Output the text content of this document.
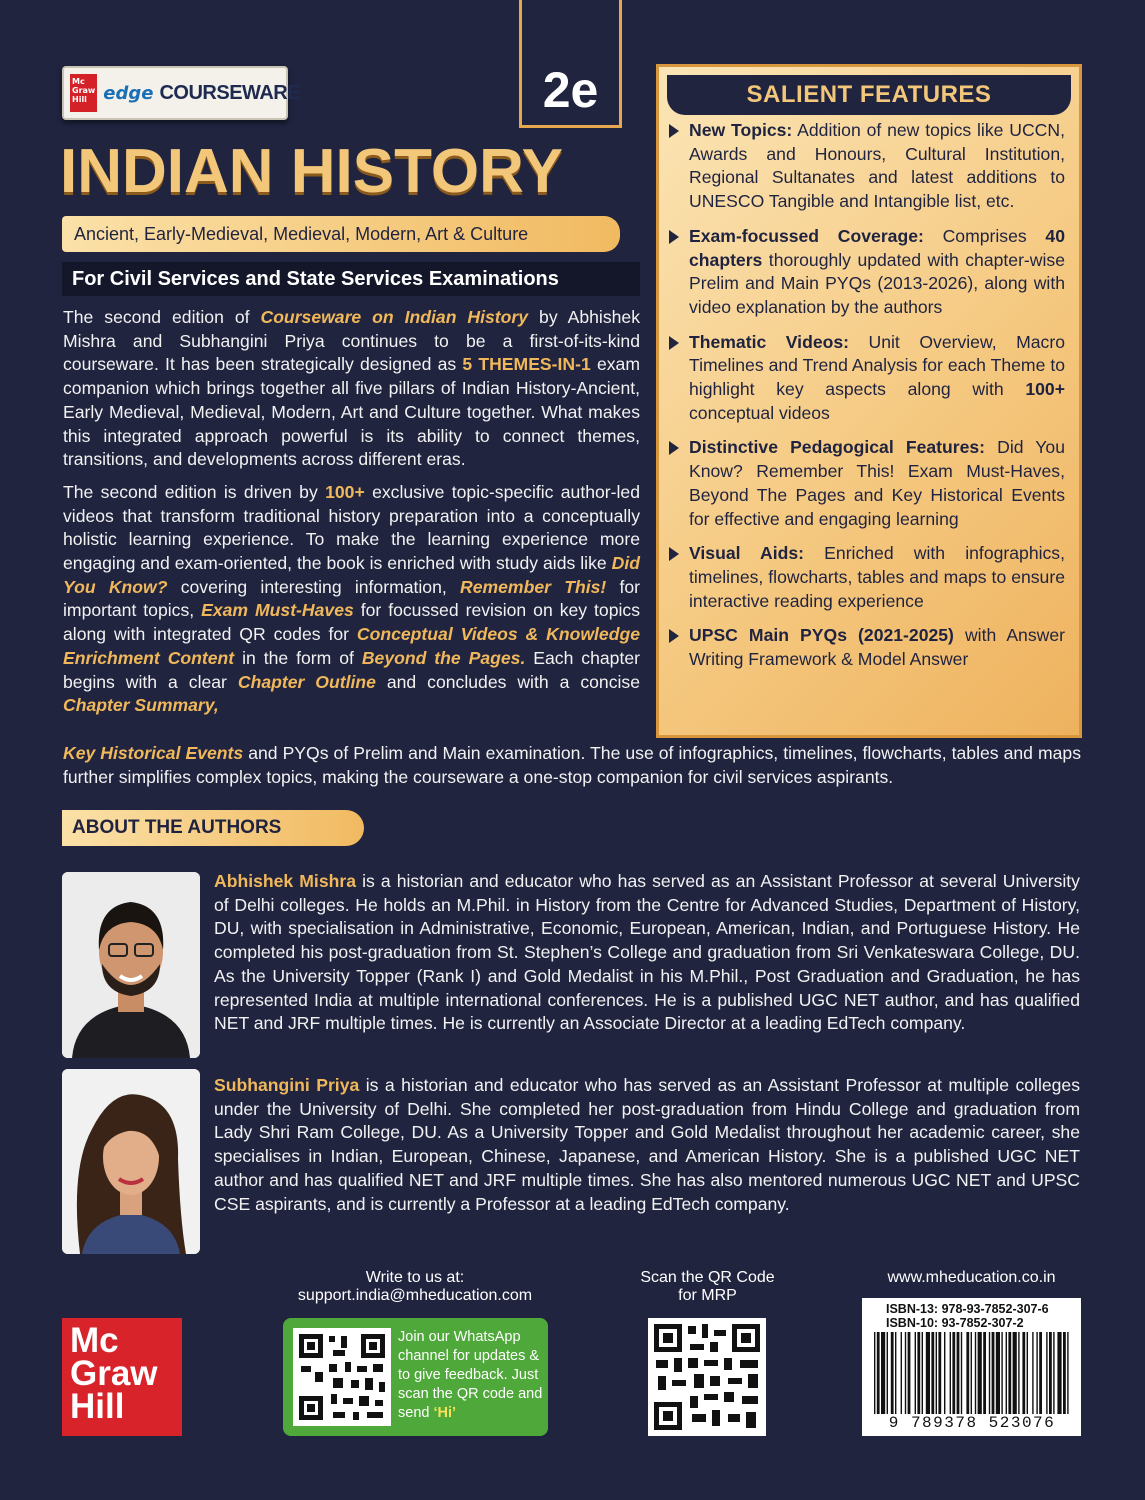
Mc Graw Hill edge COURSEWARE	2e
INDIAN HISTORY
Ancient, Early-Medieval, Medieval, Modern, Art & Culture
For Civil Services and State Services Examinations

The second edition of Courseware on Indian History by Abhishek Mishra and Subhangini Priya continues to be a first-of-its-kind courseware. It has been strategically designed as 5 THEMES-IN-1 exam companion which brings together all five pillars of Indian History-Ancient, Early Medieval, Medieval, Modern, Art and Culture together. What makes this integrated approach powerful is its ability to connect themes, transitions, and developments across different eras.

The second edition is driven by 100+ exclusive topic-specific author-led videos that transform traditional history preparation into a conceptually holistic learning experience. To make the learning experience more engaging and exam-oriented, the book is enriched with study aids like Did You Know? covering interesting information, Remember This! for important topics, Exam Must-Haves for focussed revision on key topics along with integrated QR codes for Conceptual Videos & Knowledge Enrichment Content in the form of Beyond the Pages. Each chapter begins with a clear Chapter Outline and concludes with a concise Chapter Summary,

Key Historical Events and PYQs of Prelim and Main examination. The use of infographics, timelines, flowcharts, tables and maps further simplifies complex topics, making the courseware a one-stop companion for civil services aspirants.
SALIENT FEATURES
New Topics: Addition of new topics like UCCN, Awards and Honours, Cultural Institution, Regional Sultanates and latest additions to UNESCO Tangible and Intangible list, etc.
Exam-focussed Coverage: Comprises 40 chapters thoroughly updated with chapter-wise Prelim and Main PYQs (2013-2026), along with video explanation by the authors
Thematic Videos: Unit Overview, Macro Timelines and Trend Analysis for each Theme to highlight key aspects along with 100+ conceptual videos
Distinctive Pedagogical Features: Did You Know? Remember This! Exam Must-Haves, Beyond The Pages and Key Historical Events for effective and engaging learning
Visual Aids: Enriched with infographics, timelines, flowcharts, tables and maps to ensure interactive reading experience
UPSC Main PYQs (2021-2025) with Answer Writing Framework & Model Answer
ABOUT THE AUTHORS
Abhishek Mishra is a historian and educator who has served as an Assistant Professor at several University of Delhi colleges. He holds an M.Phil. in History from the Centre for Advanced Studies, Department of History, DU, with specialisation in Administrative, Economic, European, American, Indian, and Portuguese History. He completed his post-graduation from St. Stephen’s College and graduation from Sri Venkateswara College, DU. As the University Topper (Rank I) and Gold Medalist in his M.Phil., Post Graduation and Graduation, he has represented India at multiple international conferences. He is a published UGC NET author, and has qualified NET and JRF multiple times. He is currently an Associate Director at a leading EdTech company.
Subhangini Priya is a historian and educator who has served as an Assistant Professor at multiple colleges under the University of Delhi. She completed her post-graduation from Hindu College and graduation from Lady Shri Ram College, DU. As a University Topper and Gold Medalist throughout her academic career, she specialises in Indian, European, Chinese, Japanese, and American History. She is a published UGC NET author and has qualified NET and JRF multiple times. She has also mentored numerous UGC NET and UPSC CSE aspirants, and is currently a Professor at a leading EdTech company.
Write to us at:
support.india@mheducation.com
Scan the QR Code
for MRP
www.mheducation.co.in
Mc
Graw
Hill
Join our WhatsApp channel for updates & to give feedback. Just scan the QR code and send ‘Hi’
ISBN-13: 978-93-7852-307-6
ISBN-10: 93-7852-307-2
9 789378 523076
